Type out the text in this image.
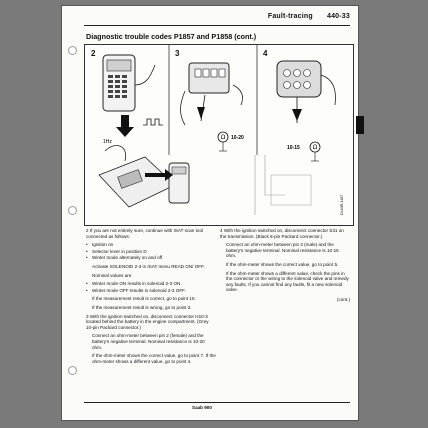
Fault-tracing 440-33
Diagnostic trouble codes P1857 and P1858 (cont.)
Ω 10-20
10-15 Ω
1Hz
D440R-1487
2	3	4

2 If you are not entirely sure, continue with ISAT scan tool connected as follows:

• Ignition on
• Selector lever in position D
• Winter mode alternately on and off

Activate SOLENOID 2-3 in ISAT menu READ ON/ OFF.

Nominal values are

• Winter mode ON results in solenoid 2-3 ON.
• Winter mode OFF results in solenoid 2-3 OFF.

If the measurement result is correct, go to point 10.

If the measurement result is wrong, go to point 3.

3 With the ignition switched on, disconnect connector H10-3 located behind the battery in the engine compartment. (Grey 10-pin Packard connector.)

Connect an ohm-meter between pin 2 (female) and the battery's negative terminal. Nominal resistance is 10-20 ohm.

If the ohm-meter shows the correct value, go to point 7. If the ohm-meter shows a different value, go to point 4.

4 With the ignition switched on, disconnect connector S31 on the transmission. (Black 8-pin Packard connector.)

Connect an ohm-meter between pin 3 (male) and the battery's negative terminal. Nominal resistance is 10-15 ohm.

If the ohm-meter shows the correct value, go to point 5.

If the ohm-meter shows a different value, check the pins in the connector or the wiring to the solenoid valve and remedy any faults. If you cannot find any faults, fit a new solenoid valve.

(cont.)

Saab 900
